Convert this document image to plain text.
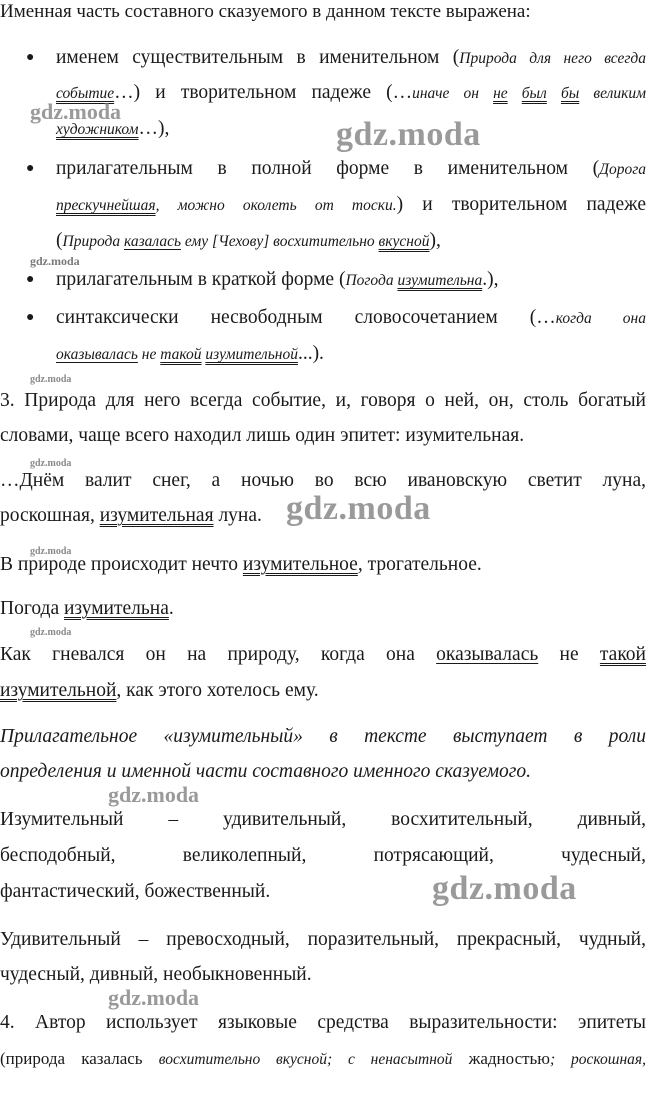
Именная часть составного сказуемого в данном тексте выражена:
● именем существительным в именительном (Природа для него всегда
событие…) и творительном падеже (…иначе он не был бы великим
художником…),
● прилагательным в полной форме в именительном (Дорога
прескучнейшая, можно околеть от тоски.) и творительном падеже
(Природа казалась ему [Чехову] восхитительно вкусной),
● прилагательным в краткой форме (Погода изумительна.),
● синтаксически несвободным словосочетанием (…когда она
оказывалась не такой изумительной...).
3. Природа для него всегда событие, и, говоря о ней, он, столь богатый
словами, чаще всего находил лишь один эпитет: изумительная.
…Днём валит снег, а ночью во всю ивановскую светит луна,
роскошная, изумительная луна.
В природе происходит нечто изумительное, трогательное.
Погода изумительна.
Как гневался он на природу, когда она оказывалась не такой
изумительной, как этого хотелось ему.
Прилагательное «изумительный» в тексте выступает в роли
определения и именной части составного именного сказуемого.
Изумительный – удивительный, восхитительный, дивный,
бесподобный, великолепный, потрясающий, чудесный,
фантастический, божественный.
Удивительный – превосходный, поразительный, прекрасный, чудный,
чудесный, дивный, необыкновенный.
4. Автор использует языковые средства выразительности: эпитеты
(природа казалась восхитительно вкусной; с ненасытной жадностью; роскошная,
gdz.moda
gdz.moda
gdz.moda
gdz.moda
gdz.moda
gdz.moda
gdz.moda
gdz.moda
gdz.moda
gdz.moda
gdz.moda
